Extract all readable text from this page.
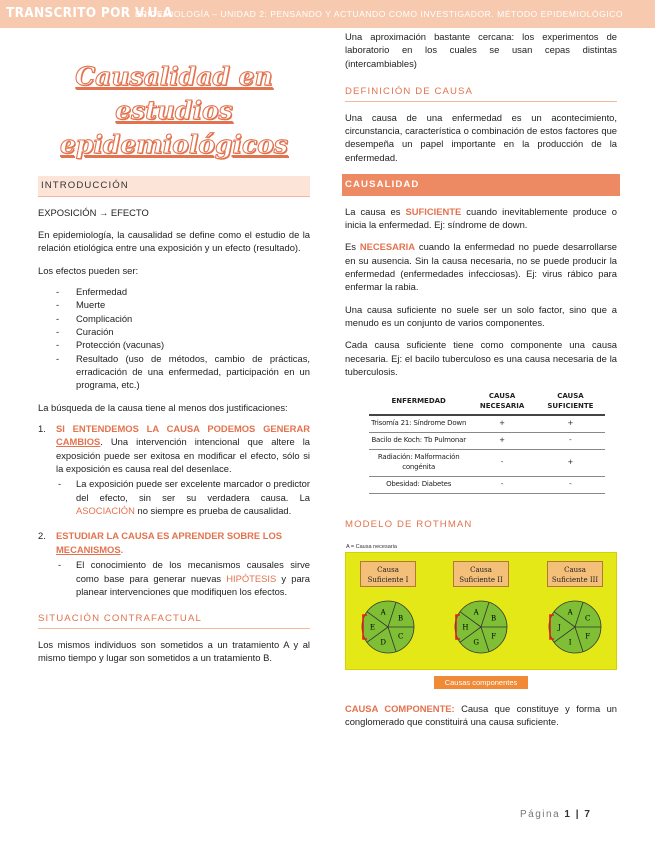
TRANSCRITO POR V.U.A
EPIDEMIOLOGÍA – UNIDAD 2: PENSANDO Y ACTUANDO COMO INVESTIGADOR. MÉTODO EPIDEMIOLÓGICO
Causalidad en estudios
epidemiológicos
INTRODUCCIÓN

EXPOSICIÓN → EFECTO

En epidemiología, la causalidad se define como el estudio de la relación etiológica entre una exposición y un efecto (resultado).

Los efectos pueden ser:

- Enfermedad
- Muerte
- Complicación
- Curación
- Protección (vacunas)
- Resultado (uso de métodos, cambio de prácticas, erradicación de una enfermedad, participación en un programa, etc.)

La búsqueda de la causa tiene al menos dos justificaciones:

1. SI ENTENDEMOS LA CAUSA PODEMOS GENERAR CAMBIOS. Una intervención intencional que altere la exposición puede ser exitosa en modificar el efecto, sólo si la exposición es causa real del desenlace.
- La exposición puede ser excelente marcador o predictor del efecto, sin ser su verdadera causa. La ASOCIACIÓN no siempre es prueba de causalidad.
2. ESTUDIAR LA CAUSA ES APRENDER SOBRE LOS MECANISMOS.
- El conocimiento de los mecanismos causales sirve como base para generar nuevas HIPÓTESIS y para planear intervenciones que modifiquen los efectos.
SITUACIÓN CONTRAFACTUAL

Los mismos individuos son sometidos a un tratamiento A y al mismo tiempo y lugar son sometidos a un tratamiento B.

Una aproximación bastante cercana: los experimentos de laboratorio en los cuales se usan cepas distintas (intercambiables)

DEFINICIÓN DE CAUSA

Una causa de una enfermedad es un acontecimiento, circunstancia, característica o combinación de estos factores que desempeña un papel importante en la producción de la enfermedad.

CAUSALIDAD

La causa es SUFICIENTE cuando inevitablemente produce o inicia la enfermedad. Ej: síndrome de down.

Es NECESARIA cuando la enfermedad no puede desarrollarse en su ausencia. Sin la causa necesaria, no se puede producir la enfermedad (enfermedades infecciosas). Ej: virus rábico para enfermar la rabia.

Una causa suficiente no suele ser un solo factor, sino que a menudo es un conjunto de varios componentes.

Cada causa suficiente tiene como componente una causa necesaria. Ej: el bacilo tuberculoso es una causa necesaria de la tuberculosis.

ENFERMEDAD	CAUSA NECESARIA	CAUSA SUFICIENTE
Trisomía 21: Síndrome Down	+	+
Bacilo de Koch: Tb Pulmonar	+	-
Radiación: Malformación congénita	-	+
Obesidad: Diabetes	-	-
MODELO DE ROTHMAN
A = Causa necesaria
Causa Suficiente I
Causa Suficiente II
Causa Suficiente III
A
B
C
D
E
A
B
F
G
H
A
C
F
I
J
Causas componentes

CAUSA COMPONENTE: Causa que constituye y forma un conglomerado que constituirá una causa suficiente.

Página 1 | 7
